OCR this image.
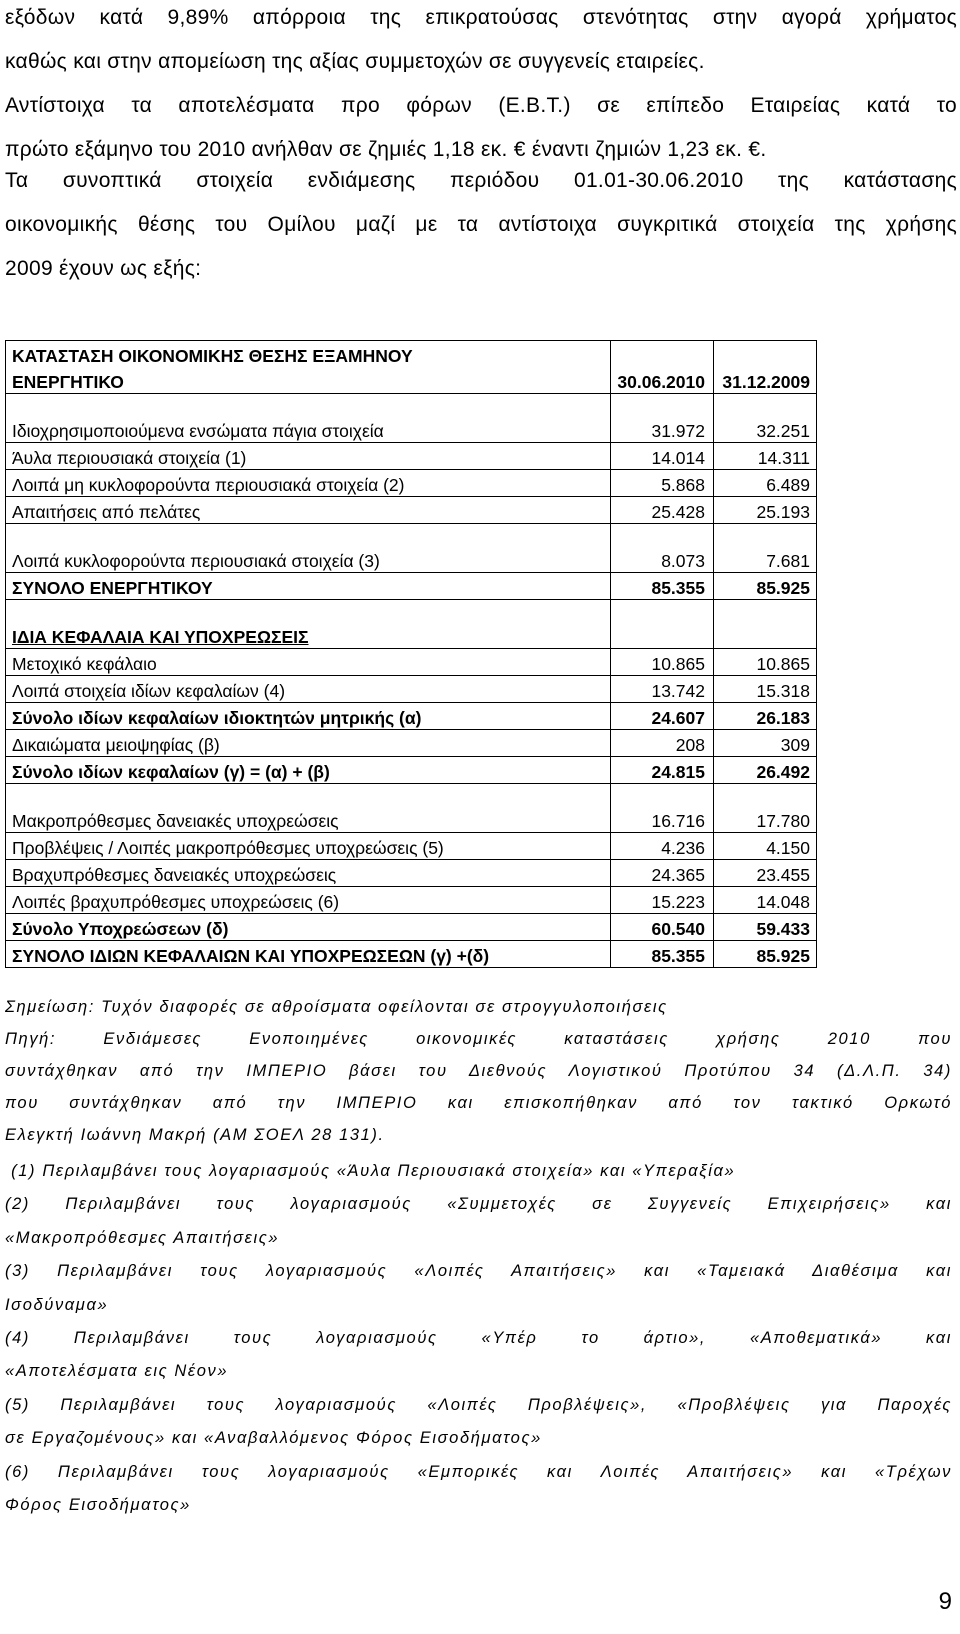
εξόδων κατά 9,89% απόρροια της επικρατούσας στενότητας στην αγορά χρήματος
καθώς και στην απομείωση της αξίας συμμετοχών σε συγγενείς εταιρείες.
Αντίστοιχα τα αποτελέσματα προ φόρων (Ε.Β.Τ.) σε επίπεδο Εταιρείας κατά το
πρώτο εξάμηνο του 2010 ανήλθαν σε ζημιές 1,18 εκ. € έναντι ζημιών 1,23 εκ. €.
Τα συνοπτικά στοιχεία ενδιάμεσης περιόδου 01.01-30.06.2010 της κατάστασης
οικονομικής θέσης του Ομίλου μαζί με τα αντίστοιχα συγκριτικά στοιχεία της χρήσης
2009 έχουν ως εξής:
ΚΑΤΑΣΤΑΣΗ ΟΙΚΟΝΟΜΙΚΗΣ ΘΕΣΗΣ ΕΞΑΜΗΝΟΥ		
ΕΝΕΡΓΗΤΙΚΟ	30.06.2010	31.12.2009

Ιδιοχρησιμοποιούμενα ενσώματα πάγια στοιχεία	31.972	32.251
Άυλα περιουσιακά στοιχεία (1)	14.014	14.311
Λοιπά μη κυκλοφορούντα περιουσιακά στοιχεία (2)	5.868	6.489
Απαιτήσεις από πελάτες	25.428	25.193

Λοιπά κυκλοφορούντα περιουσιακά στοιχεία (3)	8.073	7.681
ΣΥΝΟΛΟ ΕΝΕΡΓΗΤΙΚΟΥ	85.355	85.925

ΙΔΙΑ ΚΕΦΑΛΑΙΑ ΚΑΙ ΥΠΟΧΡΕΩΣΕΙΣ		
Μετοχικό κεφάλαιο	10.865	10.865
Λοιπά στοιχεία ιδίων κεφαλαίων (4)	13.742	15.318
Σύνολο ιδίων κεφαλαίων ιδιοκτητών μητρικής (α)	24.607	26.183
Δικαιώματα μειοψηφίας (β)	208	309
Σύνολο ιδίων κεφαλαίων (γ) = (α) + (β)	24.815	26.492

Μακροπρόθεσμες δανειακές υποχρεώσεις	16.716	17.780
Προβλέψεις / Λοιπές μακροπρόθεσμες υποχρεώσεις (5)	4.236	4.150
Βραχυπρόθεσμες δανειακές υποχρεώσεις	24.365	23.455
Λοιπές βραχυπρόθεσμες υποχρεώσεις (6)	15.223	14.048
Σύνολο Υποχρεώσεων (δ)	60.540	59.433
ΣΥΝΟΛΟ ΙΔΙΩΝ ΚΕΦΑΛΑΙΩΝ ΚΑΙ ΥΠΟΧΡΕΩΣΕΩΝ (γ) +(δ)	85.355	85.925
Σημείωση: Τυχόν διαφορές σε αθροίσματα οφείλονται σε στρογγυλοποιήσεις
Πηγή: Ενδιάμεσες Ενοποιημένες οικονομικές καταστάσεις χρήσης 2010 που
συντάχθηκαν από την ΙΜΠΕΡΙΟ βάσει του Διεθνούς Λογιστικού Προτύπου 34 (Δ.Λ.Π. 34)
που συντάχθηκαν από την ΙΜΠΕΡΙΟ και επισκοπήθηκαν από τον τακτικό Ορκωτό
Ελεγκτή Ιωάννη Μακρή (ΑΜ ΣΟΕΛ 28 131).
(1) Περιλαμβάνει τους λογαριασμούς «Άυλα Περιουσιακά στοιχεία» και «Υπεραξία»
(2) Περιλαμβάνει τους λογαριασμούς «Συμμετοχές σε Συγγενείς Επιχειρήσεις» και
«Μακροπρόθεσμες Απαιτήσεις»
(3) Περιλαμβάνει τους λογαριασμούς «Λοιπές Απαιτήσεις» και «Ταμειακά Διαθέσιμα και
Ισοδύναμα»
(4) Περιλαμβάνει τους λογαριασμούς «Υπέρ το άρτιο», «Αποθεματικά» και
«Αποτελέσματα εις Νέον»
(5) Περιλαμβάνει τους λογαριασμούς «Λοιπές Προβλέψεις», «Προβλέψεις για Παροχές
σε Εργαζομένους» και «Αναβαλλόμενος Φόρος Εισοδήματος»
(6) Περιλαμβάνει τους λογαριασμούς «Εμπορικές και Λοιπές Απαιτήσεις» και «Τρέχων
Φόρος Εισοδήματος»
9
